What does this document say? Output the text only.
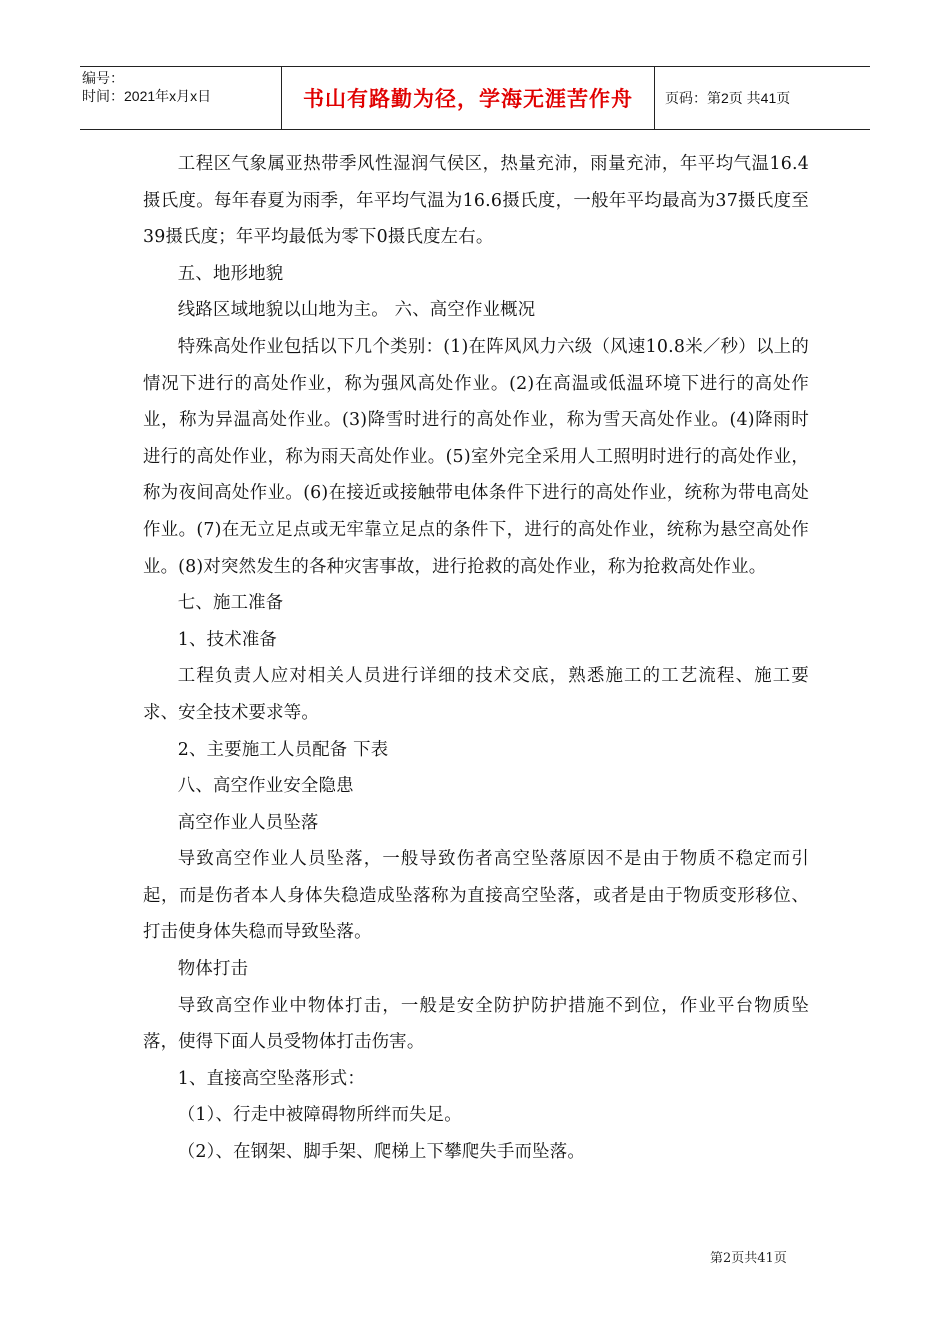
编号：
时间：2021年x月x日	书山有路勤为径，学海无涯苦作舟 页码：第2页 共41页

工程区气象属亚热带季风性湿润气侯区，热量充沛，雨量充沛，年平均气温16.4摄氏度。每年春夏为雨季，年平均气温为16.6摄氏度，一般年平均最高为37摄氏度至39摄氏度；年平均最低为零下0摄氏度左右。

五、地形地貌

线路区域地貌以山地为主。 六、高空作业概况

特殊高处作业包括以下几个类别：(1)在阵风风力六级（风速10.8米／秒）以上的情况下进行的高处作业，称为强风高处作业。(2)在高温或低温环境下进行的高处作业，称为异温高处作业。(3)降雪时进行的高处作业，称为雪天高处作业。(4)降雨时进行的高处作业，称为雨天高处作业。(5)室外完全采用人工照明时进行的高处作业，称为夜间高处作业。(6)在接近或接触带电体条件下进行的高处作业，统称为带电高处作业。(7)在无立足点或无牢靠立足点的条件下，进行的高处作业，统称为悬空高处作业。(8)对突然发生的各种灾害事故，进行抢救的高处作业，称为抢救高处作业。

七、施工准备

1、技术准备

工程负责人应对相关人员进行详细的技术交底，熟悉施工的工艺流程、施工要求、安全技术要求等。

2、主要施工人员配备 下表

八、高空作业安全隐患

高空作业人员坠落

导致高空作业人员坠落，一般导致伤者高空坠落原因不是由于物质不稳定而引起，而是伤者本人身体失稳造成坠落称为直接高空坠落，或者是由于物质变形移位、打击使身体失稳而导致坠落。

物体打击

导致高空作业中物体打击，一般是安全防护防护措施不到位，作业平台物质坠落，使得下面人员受物体打击伤害。

1、直接高空坠落形式：

（1）、行走中被障碍物所绊而失足。

（2）、在钢架、脚手架、爬梯上下攀爬失手而坠落。

第2页共41页
